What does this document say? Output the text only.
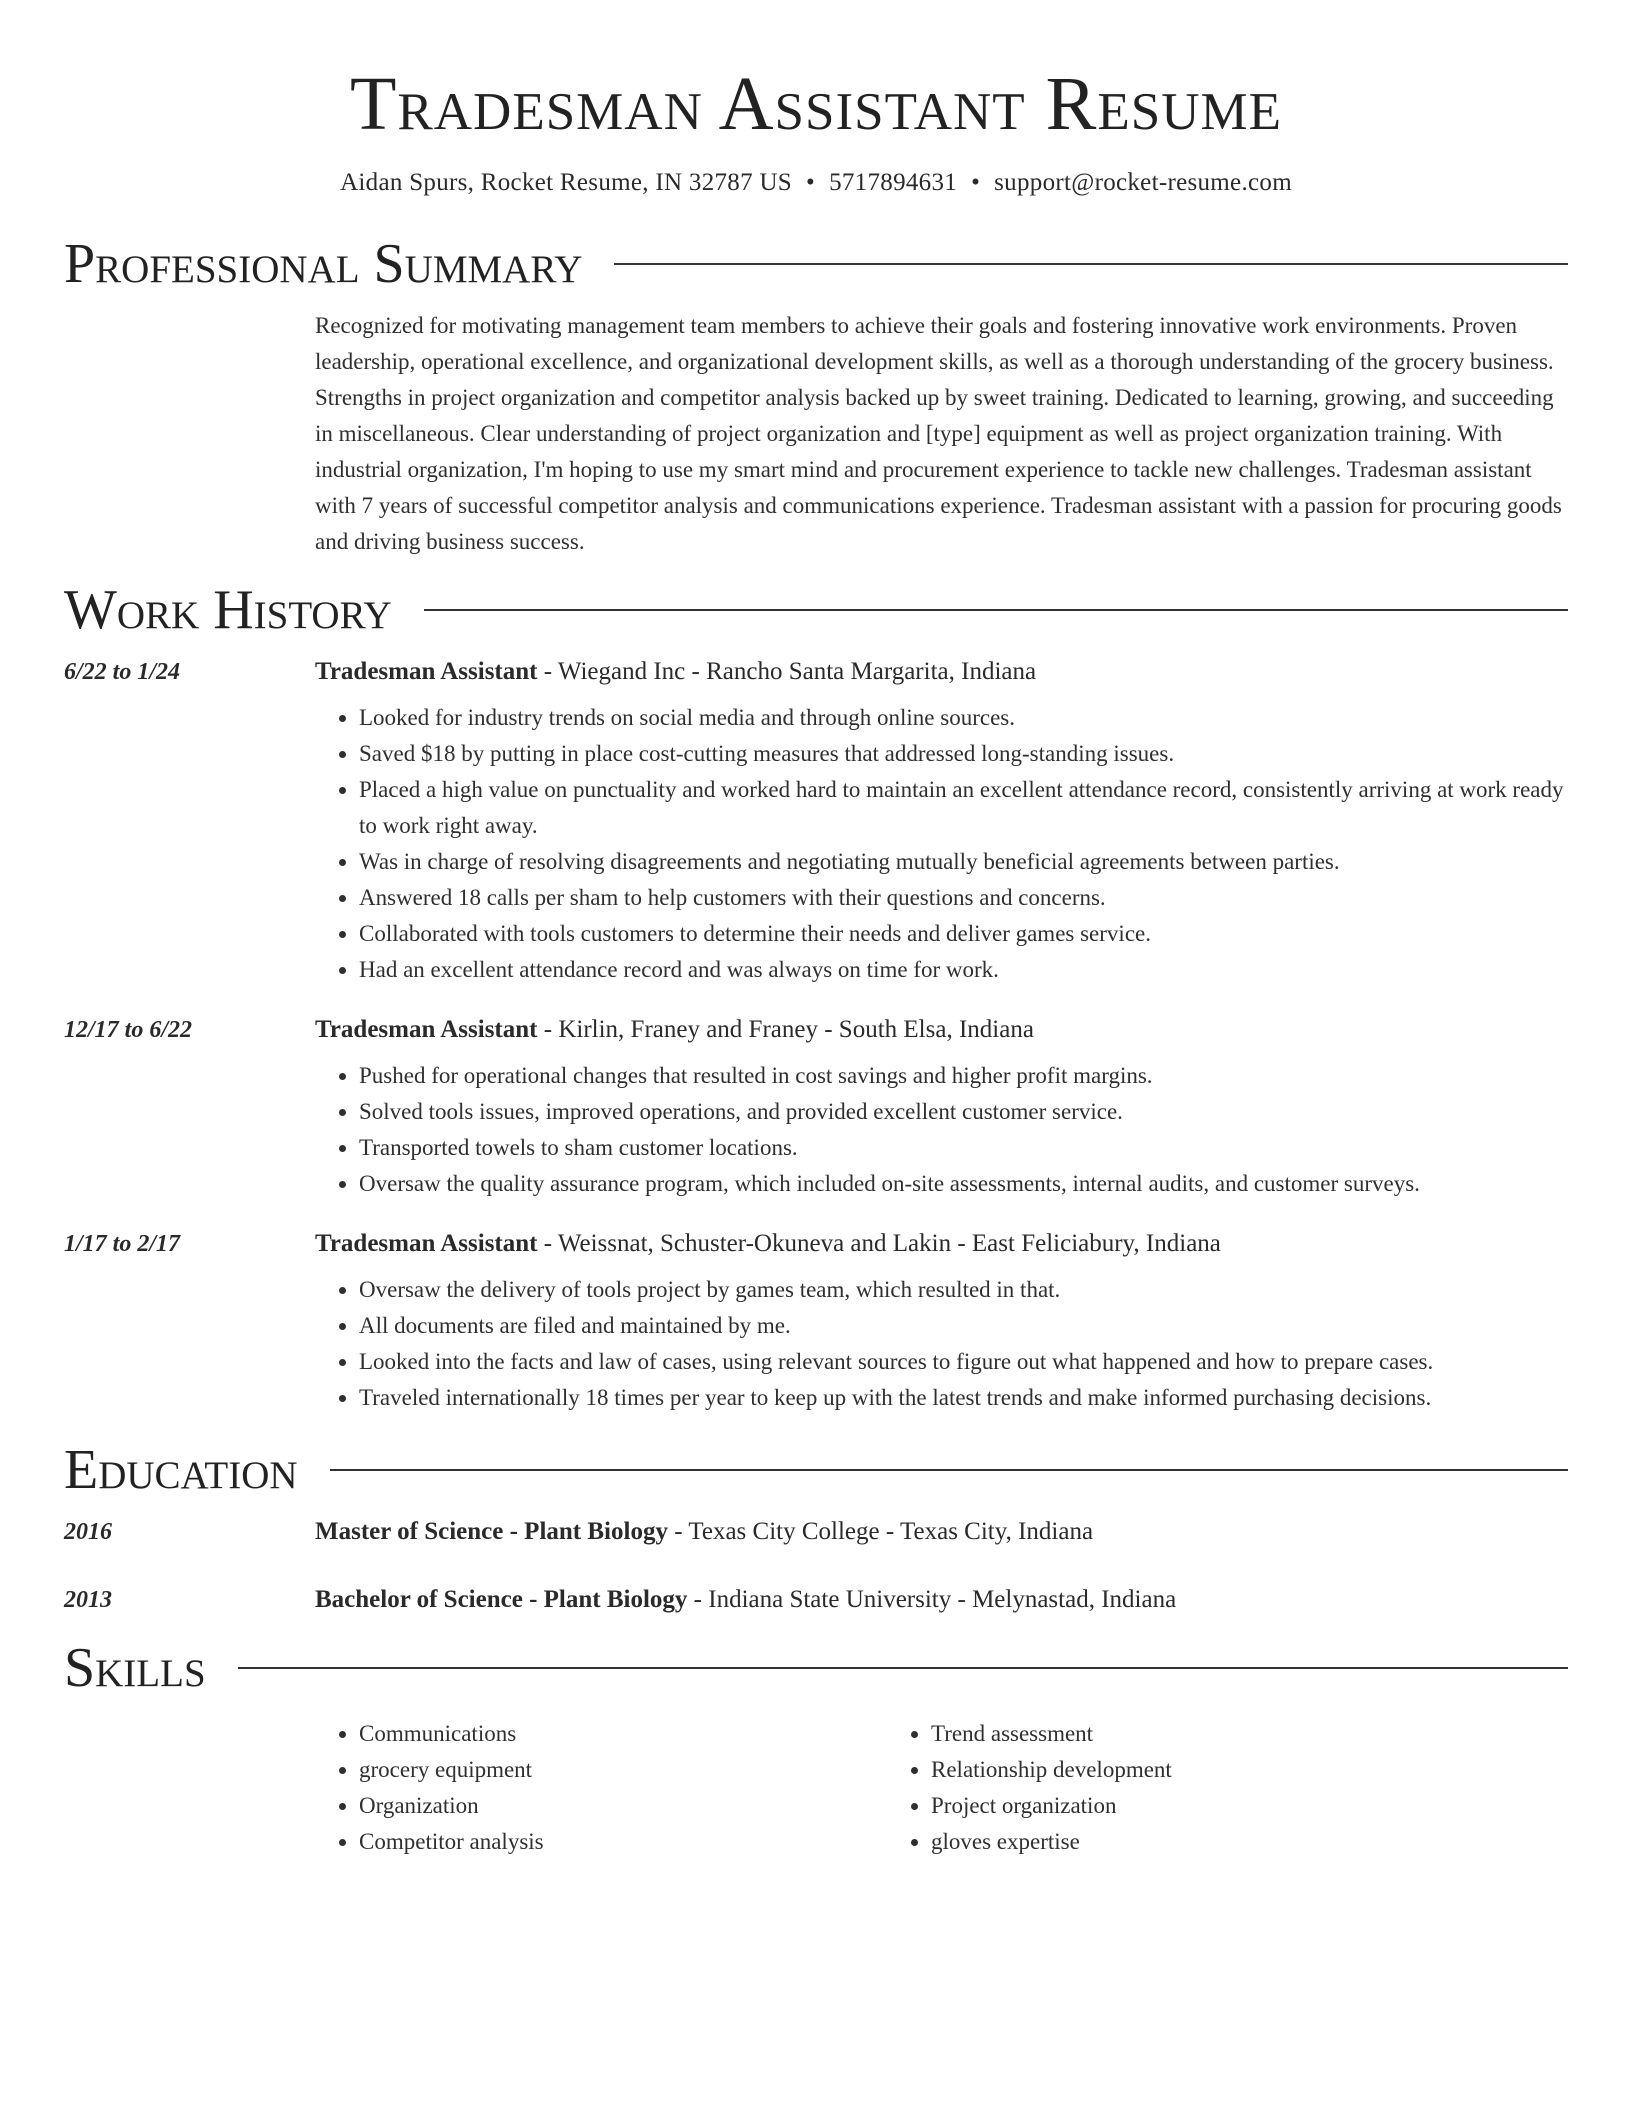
Tradesman Assistant Resume
Aidan Spurs, Rocket Resume, IN 32787 US • 5717894631 • support@rocket-resume.com
Professional Summary

Recognized for motivating management team members to achieve their goals and fostering innovative work environments. Proven leadership, operational excellence, and organizational development skills, as well as a thorough understanding of the grocery business. Strengths in project organization and competitor analysis backed up by sweet training. Dedicated to learning, growing, and succeeding in miscellaneous. Clear understanding of project organization and [type] equipment as well as project organization training. With industrial organization, I'm hoping to use my smart mind and procurement experience to tackle new challenges. Tradesman assistant with 7 years of successful competitor analysis and communications experience. Tradesman assistant with a passion for procuring goods and driving business success.

Work History
6/22 to 1/24	Tradesman Assistant - Wiegand Inc - Rancho Santa Margarita, Indiana
• Looked for industry trends on social media and through online sources.
• Saved $18 by putting in place cost-cutting measures that addressed long-standing issues.
• Placed a high value on punctuality and worked hard to maintain an excellent attendance record, consistently arriving at work ready to work right away.
• Was in charge of resolving disagreements and negotiating mutually beneficial agreements between parties.
• Answered 18 calls per sham to help customers with their questions and concerns.
• Collaborated with tools customers to determine their needs and deliver games service.
• Had an excellent attendance record and was always on time for work.
12/17 to 6/22	Tradesman Assistant - Kirlin, Franey and Franey - South Elsa, Indiana
• Pushed for operational changes that resulted in cost savings and higher profit margins.
• Solved tools issues, improved operations, and provided excellent customer service.
• Transported towels to sham customer locations.
• Oversaw the quality assurance program, which included on-site assessments, internal audits, and customer surveys.
1/17 to 2/17	Tradesman Assistant - Weissnat, Schuster-Okuneva and Lakin - East Feliciabury, Indiana
• Oversaw the delivery of tools project by games team, which resulted in that.
• All documents are filed and maintained by me.
• Looked into the facts and law of cases, using relevant sources to figure out what happened and how to prepare cases.
• Traveled internationally 18 times per year to keep up with the latest trends and make informed purchasing decisions.
Education
2016	Master of Science - Plant Biology - Texas City College - Texas City, Indiana
2013	Bachelor of Science - Plant Biology - Indiana State University - Melynastad, Indiana
Skills
• Communications
• grocery equipment
• Organization
• Competitor analysis
• Trend assessment
• Relationship development
• Project organization
• gloves expertise
